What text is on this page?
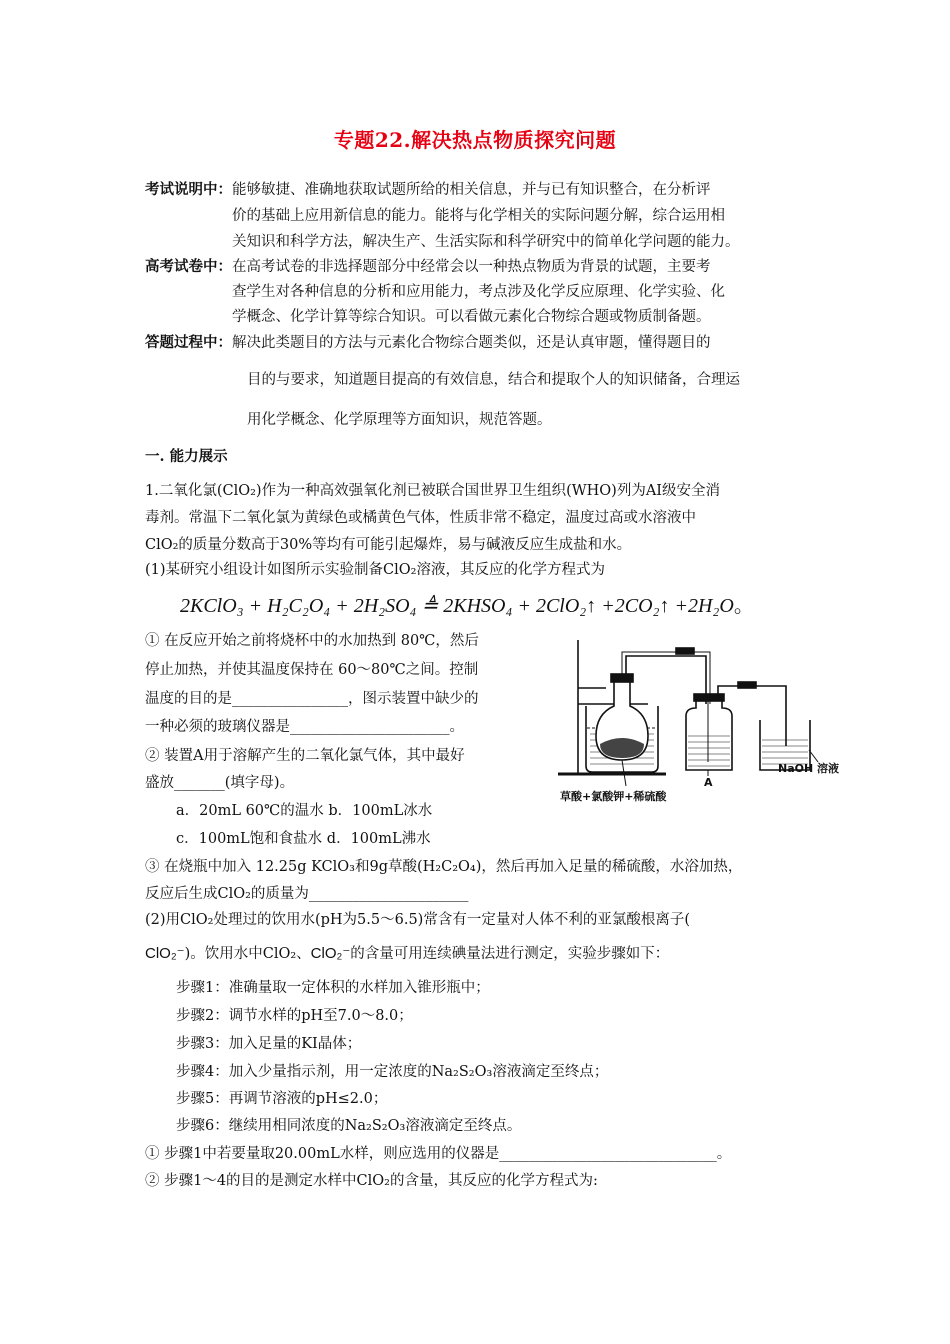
专题22.解决热点物质探究问题
考试说明中：能够敏捷、准确地获取试题所给的相关信息，并与已有知识整合，在分析评
价的基础上应用新信息的能力。能将与化学相关的实际问题分解，综合运用相
关知识和科学方法，解决生产、生活实际和科学研究中的简单化学问题的能力。
高考试卷中：在高考试卷的非选择题部分中经常会以一种热点物质为背景的试题，主要考
查学生对各种信息的分析和应用能力，考点涉及化学反应原理、化学实验、化
学概念、化学计算等综合知识。可以看做元素化合物综合题或物质制备题。
答题过程中：解决此类题目的方法与元素化合物综合题类似，还是认真审题，懂得题目的
目的与要求，知道题目提高的有效信息，结合和提取个人的知识储备，合理运
用化学概念、化学原理等方面知识，规范答题。
一. 能力展示
1.二氧化氯(ClO₂)作为一种高效强氧化剂已被联合国世界卫生组织(WHO)列为AI级安全消
毒剂。常温下二氧化氯为黄绿色或橘黄色气体，性质非常不稳定，温度过高或水溶液中
ClO₂的质量分数高于30%等均有可能引起爆炸，易与碱液反应生成盐和水。
(1)某研究小组设计如图所示实验制备ClO₂溶液，其反应的化学方程式为
2KClO₃ + H₂C₂O₄ + 2H₂SO₄ ≜ 2KHSO₄ + 2ClO₂↑ +2CO₂↑ +2H₂O。
① 在反应开始之前将烧杯中的水加热到 80℃，然后
停止加热，并使其温度保持在 60～80℃之间。控制
温度的目的是________________，图示装置中缺少的
一种必须的玻璃仪器是______________________。
② 装置A用于溶解产生的二氧化氯气体，其中最好
盛放_______(填字母)。
a．20mL 60℃的温水 b．100mL冰水
c．100mL饱和食盐水 d．100mL沸水
③ 在烧瓶中加入 12.25g KClO₃和9g草酸(H₂C₂O₄)，然后再加入足量的稀硫酸，水浴加热，
反应后生成ClO₂的质量为______________________
(2)用ClO₂处理过的饮用水(pH为5.5～6.5)常含有一定量对人体不利的亚氯酸根离子(
ClO₂⁻)。饮用水中ClO₂、ClO₂⁻的含量可用连续碘量法进行测定，实验步骤如下：
步骤1：准确量取一定体积的水样加入锥形瓶中；
步骤2：调节水样的pH至7.0～8.0；
步骤3：加入足量的KI晶体；
步骤4：加入少量指示剂，用一定浓度的Na₂S₂O₃溶液滴定至终点；
步骤5：再调节溶液的pH≤2.0；
步骤6：继续用相同浓度的Na₂S₂O₃溶液滴定至终点。
① 步骤1中若要量取20.00mL水样，则应选用的仪器是______________________________。
② 步骤1～4的目的是测定水样中ClO₂的含量，其反应的化学方程式为:
草酸+氯酸钾+稀硫酸
A
NaOH 溶液
